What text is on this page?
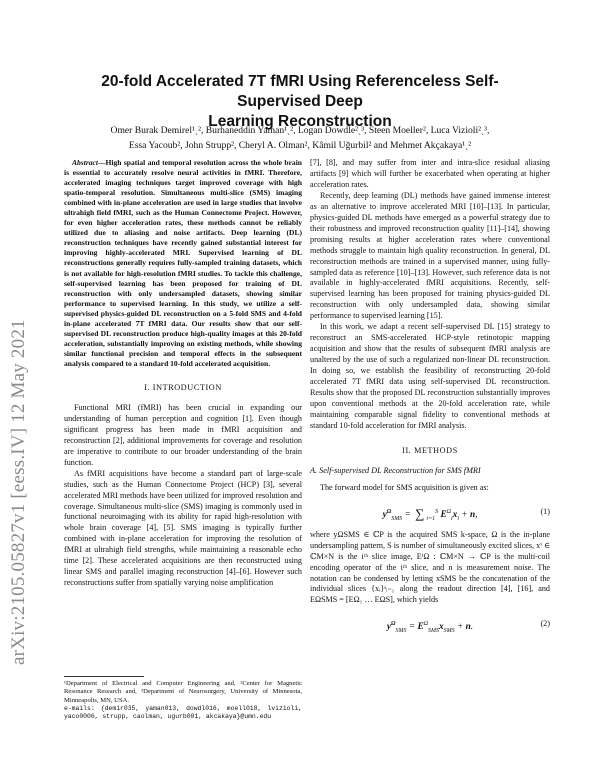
arXiv:2105.05827v1 [eess.IV] 12 May 2021
20-fold Accelerated 7T fMRI Using Referenceless Self-Supervised Deep
Learning Reconstruction
Omer Burak Demirel¹ˎ², Burhaneddin Yaman¹ˎ², Logan Dowdle²ˎ³, Steen Moeller², Luca Vizioli²ˎ³,
Essa Yacoub², John Strupp², Cheryl A. Olman², Kâmil Uğurbil² and Mehmet Akçakaya¹ˎ²

Abstract—High spatial and temporal resolution across the whole brain is essential to accurately resolve neural activities in fMRI. Therefore, accelerated imaging techniques target improved coverage with high spatio-temporal resolution. Simultaneous multi-slice (SMS) imaging combined with in-plane acceleration are used in large studies that involve ultrahigh field fMRI, such as the Human Connectome Project. However, for even higher acceleration rates, these methods cannot be reliably utilized due to aliasing and noise artifacts. Deep learning (DL) reconstruction techniques have recently gained substantial interest for improving highly-accelerated MRI. Supervised learning of DL reconstructions generally requires fully-sampled training datasets, which is not available for high-resolution fMRI studies. To tackle this challenge, self-supervised learning has been proposed for training of DL reconstruction with only undersampled datasets, showing similar performance to supervised learning. In this study, we utilize a self-supervised physics-guided DL reconstruction on a 5-fold SMS and 4-fold in-plane accelerated 7T fMRI data. Our results show that our self-supervised DL reconstruction produce high-quality images at this 20-fold acceleration, substantially improving on existing methods, while showing similar functional precision and temporal effects in the subsequent analysis compared to a standard 10-fold accelerated acquisition.

I. INTRODUCTION

Functional MRI (fMRI) has been crucial in expanding our understanding of human perception and cognition [1]. Even though significant progress has been made in fMRI acquisition and reconstruction [2], additional improvements for coverage and resolution are imperative to contribute to our broader understanding of the brain function.

As fMRI acquisitions have become a standard part of large-scale studies, such as the Human Connectome Project (HCP) [3], several accelerated MRI methods have been utilized for improved resolution and coverage. Simultaneous multi-slice (SMS) imaging is commonly used in functional neuroimaging with its ability for rapid high-resolution with whole brain coverage [4], [5]. SMS imaging is typically further combined with in-plane acceleration for improving the resolution of fMRI at ultrahigh field strengths, while maintaining a reasonable echo time [2]. These accelerated acquisitions are then reconstructed using linear SMS and parallel imaging reconstruction [4]–[6]. However such reconstructions suffer from spatially varying noise amplification

[7], [8], and may suffer from inter and intra-slice residual aliasing artifacts [9] which will further be exacerbated when operating at higher acceleration rates.

Recently, deep learning (DL) methods have gained immense interest as an alternative to improve accelerated MRI [10]–[13]. In particular, physics-guided DL methods have emerged as a powerful strategy due to their robustness and improved reconstruction quality [11]–[14], showing promising results at higher acceleration rates where conventional methods struggle to maintain high quality reconstruction. In general, DL reconstruction methods are trained in a supervised manner, using fully-sampled data as reference [10]–[13]. However, such reference data is not available in highly-accelerated fMRI acquisitions. Recently, self-supervised learning has been proposed for training physics-guided DL reconstruction with only undersampled data, showing similar performance to supervised learning [15].

In this work, we adapt a recent self-supervised DL [15] strategy to reconstruct an SMS-accelerated HCP-style retinotopic mapping acquisition and show that the results of subsequent fMRI analysis are unaltered by the use of such a regularized non-linear DL reconstruction. In doing so, we establish the feasibility of reconstructing 20-fold accelerated 7T fMRI data using self-supervised DL reconstruction. Results show that the proposed DL reconstruction substantially improves upon conventional methods at the 20-fold acceleration rate, while maintaining comparable signal fidelity to conventional methods at standard 10-fold acceleration for fMRI analysis.

II. METHODS
A. Self-supervised DL Reconstruction for SMS fMRI

The forward model for SMS acquisition is given as:

$y^\Omega_{SMS}$ = ∑ $_{i=1}^S$ $E^\Omega_ix_i + n$,	(1)

where yΩSMS ∈ ℂP is the acquired SMS k-space, Ω is the in-plane undersampling pattern, S is number of simultaneously excited slices, xⁱ ∈ ℂM×N is the iᵗʰ slice image, EⁱΩ : ℂM×N → ℂP is the multi-coil encoding operator of the iᵗʰ slice, and n is measurement noise. The notation can be condensed by letting xSMS be the concatenation of the individual slices {xᵢ}ˢᵢ₌₁ along the readout direction [4], [16], and EΩSMS = [EΩ₁ … EΩS], which yields

$y^\Omega_{SMS} = E^\Omega_{SMS}x_{SMS} + n$.	(2)
¹Department of Electrical and Computer Engineering and, ²Center for Magnetic Resonance Research and, ³Department of Neurosurgery, University of Minnesota, Minneapolis, MN, USA.
e-mails: {demir035, yaman013, dowdl016, moell018, lvizioli, yaco0006, strupp, caolman, ugurb001, akcakaya}@umn.edu
